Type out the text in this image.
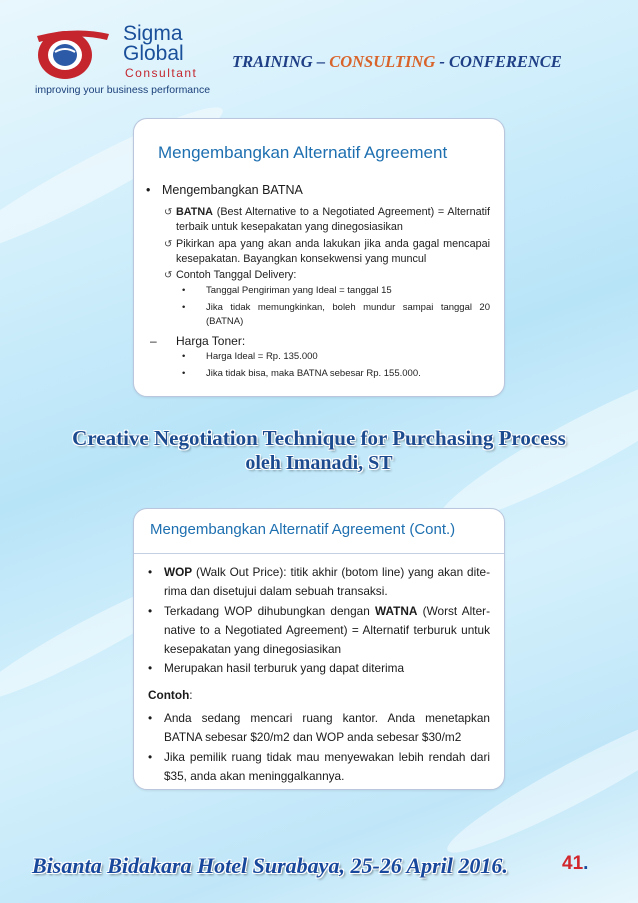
Sigma
Global
Consultant
improving your business performance
TRAINING – CONSULTING - CONFERENCE
Mengembangkan Alternatif Agreement
• Mengembangkan BATNA
↺ BATNA (Best Alternative to a Negotiated Agreement) = Alternatif terbaik untuk kesepakatan yang dinegosiasikan
↺ Pikirkan apa yang akan anda lakukan jika anda gagal mencapai kesepakatan. Bayangkan konsekwensi yang muncul
↺ Contoh Tanggal Delivery:
• Tanggal Pengiriman yang Ideal = tanggal 15
• Jika tidak memungkinkan, boleh mundur sampai tanggal 20 (BATNA)
– Harga Toner:
• Harga Ideal = Rp. 135.000
• Jika tidak bisa, maka BATNA sebesar Rp. 155.000.
Creative Negotiation Technique for Purchasing Process
oleh Imanadi, ST
Mengembangkan Alternatif Agreement (Cont.)
• WOP (Walk Out Price): titik akhir (botom line) yang akan dite-rima dan disetujui dalam sebuah transaksi.
• Terkadang WOP dihubungkan dengan WATNA (Worst Alter-native to a Negotiated Agreement) = Alternatif terburuk untuk kesepakatan yang dinegosiasikan
• Merupakan hasil terburuk yang dapat diterima
Contoh:
• Anda sedang mencari ruang kantor. Anda menetapkan BATNA sebesar $20/m2 dan WOP anda sebesar $30/m2
• Jika pemilik ruang tidak mau menyewakan lebih rendah dari $35, anda akan meninggalkannya.
Bisanta Bidakara Hotel Surabaya, 25-26 April 2016.	41.
